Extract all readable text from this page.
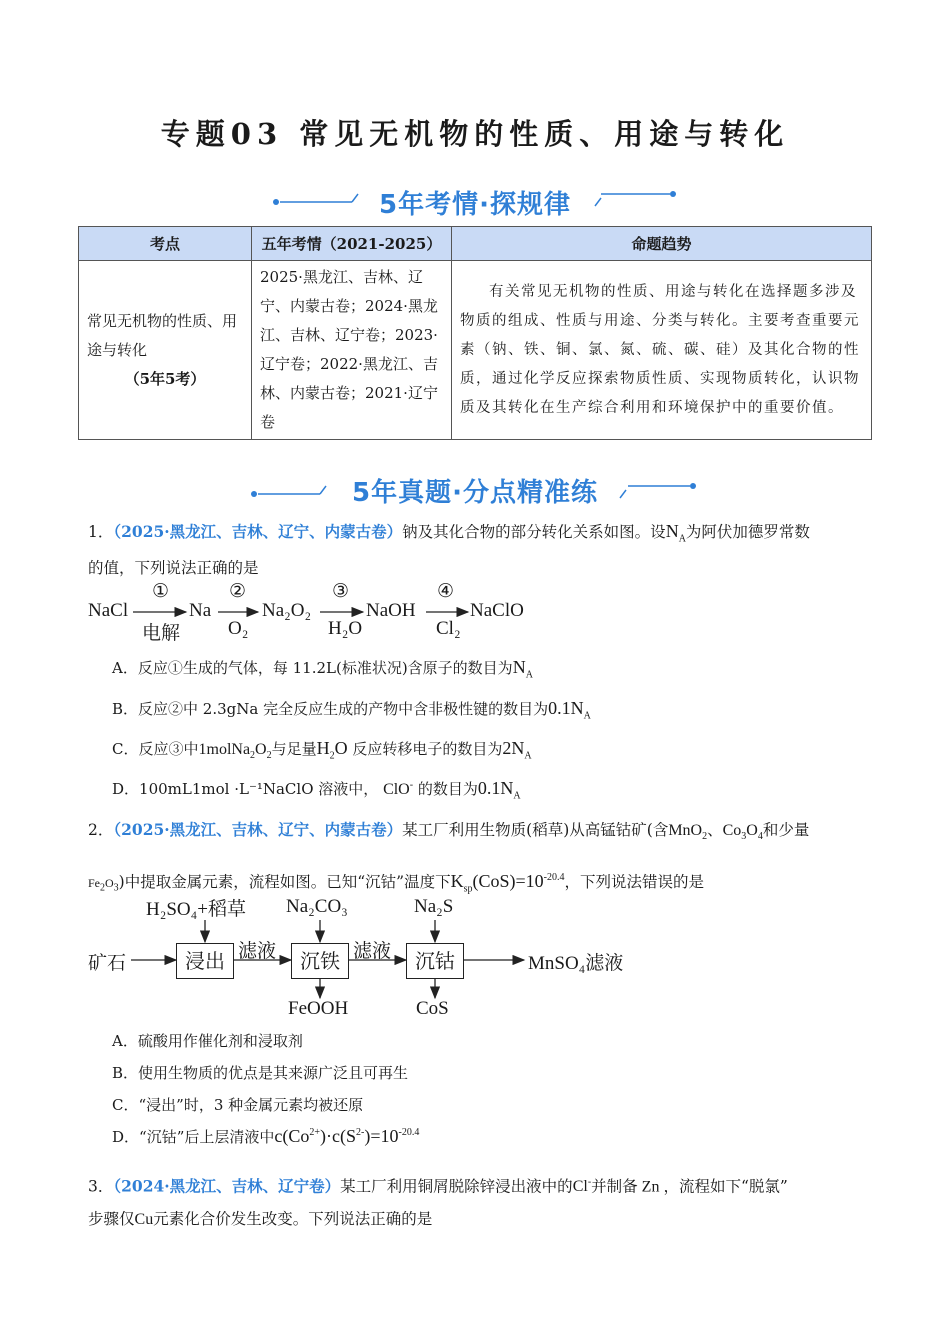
专题03 常见无机物的性质、用途与转化
5年考情·探规律
考点	五年考情（2021-2025）	命题趋势

常见无机物的性质、用途与转化
（5年5考）	2025·黑龙江、吉林、辽宁、内蒙古卷；2024·黑龙江、吉林、辽宁卷；2023·辽宁卷；2022·黑龙江、吉林、内蒙古卷；2021·辽宁卷	有关常见无机物的性质、用途与转化在选择题多涉及物质的组成、性质与用途、分类与转化。主要考查重要元素（钠、铁、铜、氯、氮、硫、碳、硅）及其化合物的性质，通过化学反应探索物质性质、实现物质转化，认识物质及其转化在生产综合利用和环境保护中的重要价值。
5年真题·分点精准练
1．（2025·黑龙江、吉林、辽宁、内蒙古卷）钠及其化合物的部分转化关系如图。设$N_A$为阿伏加德罗常数
的值，下列说法正确的是
NaCl	Na	Na₂O₂	NaOH	NaClO
①	②	③	④
电解	O₂	H₂O	Cl₂
A．反应①生成的气体，每 11.2L(标准状况)含原子的数目为$N_A$
B．反应②中 2.3gNa 完全反应生成的产物中含非极性键的数目为$0.1N_A$
C．反应③中$1molNa_2O_2$与足量$H_2O$ 反应转移电子的数目为$2N_A$
D．100mL1mol ·L⁻¹NaClO 溶液中， ClO- 的数目为$0.1N_A$
2．（2025·黑龙江、吉林、辽宁、内蒙古卷）某工厂利用生物质(稻草)从高锰钴矿(含MnO$_2$、$Co_3O_4$和少量
$Fe_2O_3$)中提取金属元素，流程如图。已知“沉钴”温度下$K_{sp}(CoS)=10^{-20.4}$，下列说法错误的是
矿石	浸出	沉铁	沉钴
H₂SO₄+稻草 Na₂CO₃	Na₂S
滤液	滤液
FeOOH	CoS
MnSO₄滤液
A．硫酸用作催化剂和浸取剂
B．使用生物质的优点是其来源广泛且可再生
C．“浸出”时，3 种金属元素均被还原
D．“沉钴”后上层清液中$c(Co^{2+})\cdot c(S^{2-})=10^{-20.4}$
3．（2024·黑龙江、吉林、辽宁卷）某工厂利用铜屑脱除锌浸出液中的Cl-并制备 Zn ，流程如下“脱氯”
步骤仅Cu元素化合价发生改变。下列说法正确的是
